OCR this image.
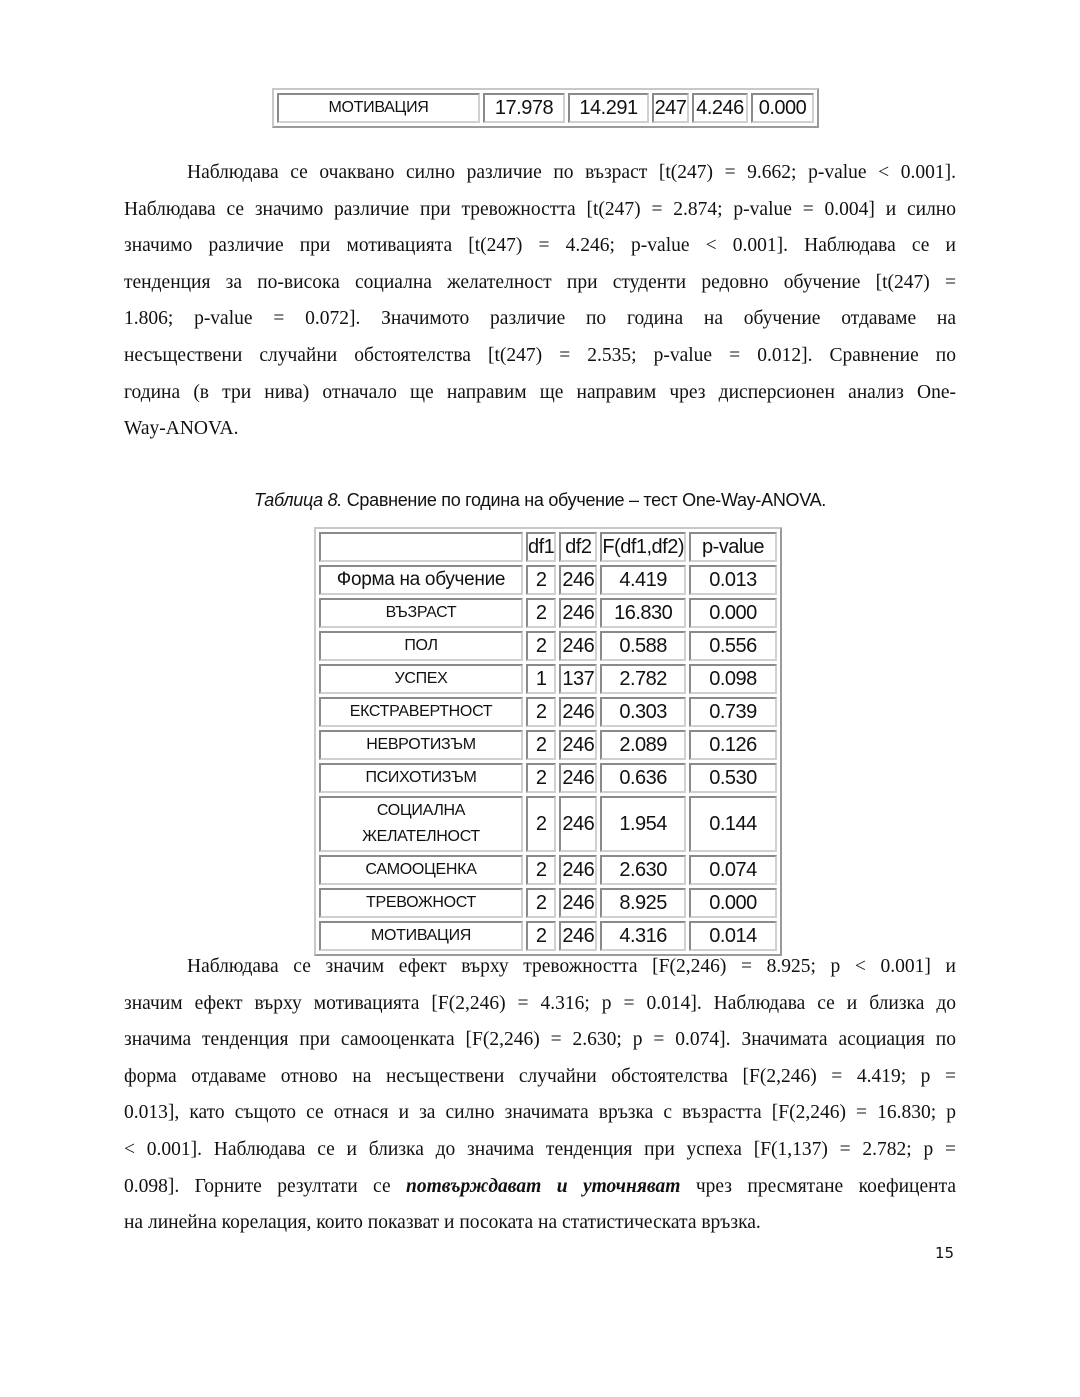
МОТИВАЦИЯ	17.978	14.291	247	4.246	0.000
Наблюдава се очаквано силно различие по възраст [t(247) = 9.662; p-value < 0.001].
Наблюдава се значимо различие при тревожността [t(247) = 2.874; p-value = 0.004] и силно
значимо различие при мотивацията [t(247) = 4.246; p-value < 0.001]. Наблюдава се и
тенденция за по-висока социална желателност при студенти редовно обучение [t(247) =
1.806; p-value = 0.072]. Значимото различие по година на обучение отдаваме на
несъществени случайни обстоятелства [t(247) = 2.535; p-value = 0.012]. Сравнение по
година (в три нива) отначало ще направим ще направим чрез дисперсионен анализ One-
Way-ANOVA.
Таблица 8. Сравнение по година на обучение – тест One-Way-ANOVA.
	df1	df2	F(df1,df2)	p-value
Форма на обучение	2	246	4.419	0.013
ВЪЗРАСТ	2	246	16.830	0.000
ПОЛ	2	246	0.588	0.556
УСПЕХ	1	137	2.782	0.098
ЕКСТРАВЕРТНОСТ	2	246	0.303	0.739
НЕВРОТИЗЪМ	2	246	2.089	0.126
ПСИХОТИЗЪМ	2	246	0.636	0.530
СОЦИАЛНА ЖЕЛАТЕЛНОСТ	2	246	1.954	0.144
САМООЦЕНКА	2	246	2.630	0.074
ТРЕВОЖНОСТ	2	246	8.925	0.000
МОТИВАЦИЯ	2	246	4.316	0.014
Наблюдава се значим ефект върху тревожността [F(2,246) = 8.925; p < 0.001] и
значим ефект върху мотивацията [F(2,246) = 4.316; p = 0.014]. Наблюдава се и близка до
значима тенденция при самооценката [F(2,246) = 2.630; p = 0.074]. Значимата асоциация по
форма отдаваме отново на несъществени случайни обстоятелства [F(2,246) = 4.419; p =
0.013], като същото се отнася и за силно значимата връзка с възрастта [F(2,246) = 16.830; p
< 0.001]. Наблюдава се и близка до значима тенденция при успеха [F(1,137) = 2.782; p =
0.098]. Горните резултати се потвърждават и уточняват чрез пресмятане коефицента
на линейна корелация, които показват и посоката на статистическата връзка.
15
